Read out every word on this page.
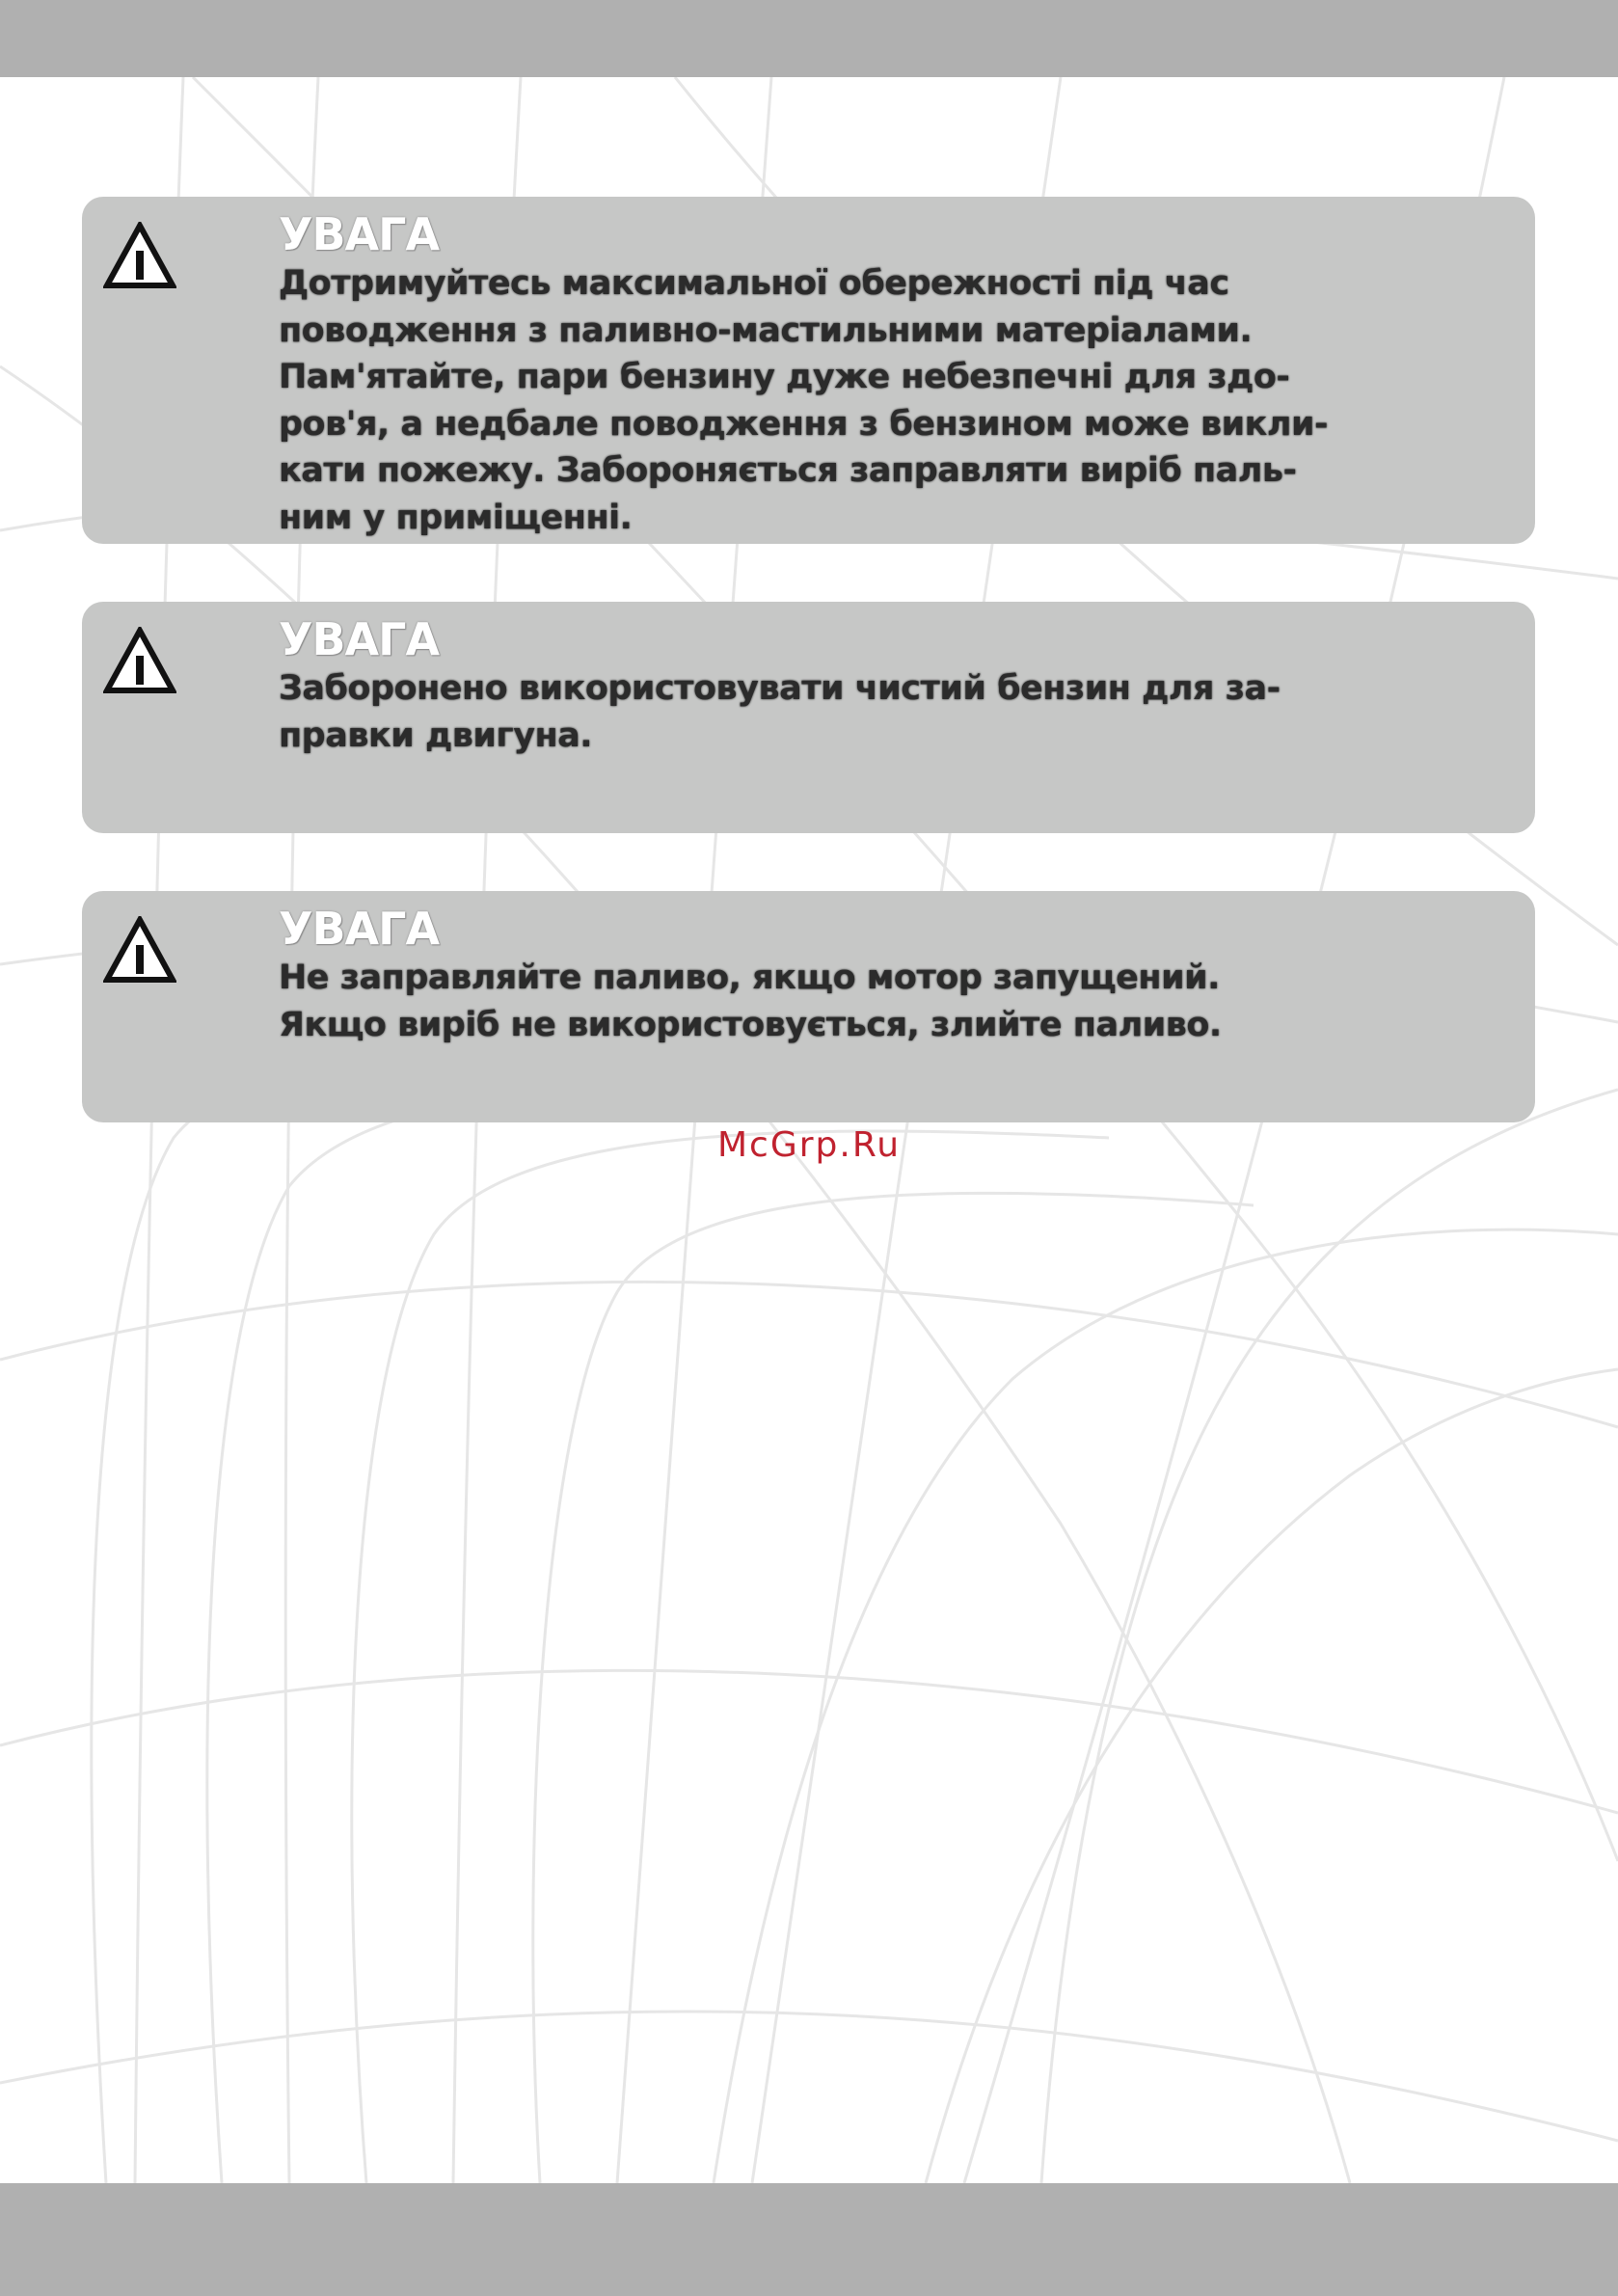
УВАГА
Дотримуйтесь максимальної обережності під час
поводження з паливно-мастильними матеріалами.
Пам'ятайте, пари бензину дуже небезпечні для здо-
ров'я, а недбале поводження з бензином може викли-
кати пожежу. Забороняється заправляти виріб паль-
ним у приміщенні.
УВАГА
Заборонено використовувати чистий бензин для за-
правки двигуна.
УВАГА
Не заправляйте паливо, якщо мотор запущений.
Якщо виріб не використовується, злийте паливо.
McGrp.Ru
